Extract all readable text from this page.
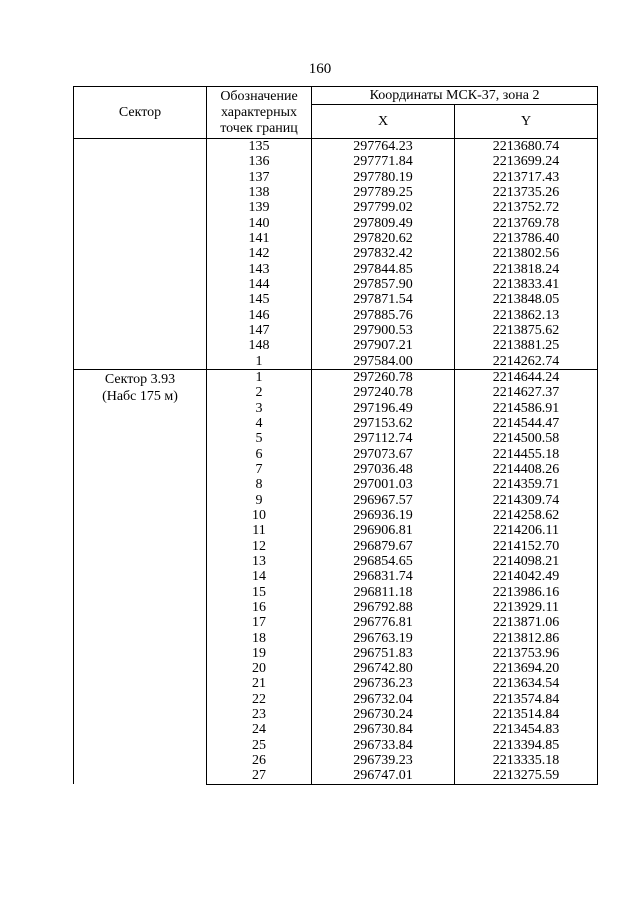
160
Сектор	Обозначение характерных точек границ	Координаты МСК-37, зона 2	
		X	Y

	135	297764.23	2213680.74
	136	297771.84	2213699.24
	137	297780.19	2213717.43
	138	297789.25	2213735.26
	139	297799.02	2213752.72
	140	297809.49	2213769.78
	141	297820.62	2213786.40
	142	297832.42	2213802.56
	143	297844.85	2213818.24
	144	297857.90	2213833.41
	145	297871.54	2213848.05
	146	297885.76	2213862.13
	147	297900.53	2213875.62
	148	297907.21	2213881.25
	1	297584.00	2214262.74

Сектор 3.93
(Набс 175 м)	1	297260.78	2214644.24
	2	297240.78	2214627.37
	3	297196.49	2214586.91
	4	297153.62	2214544.47
	5	297112.74	2214500.58
	6	297073.67	2214455.18
	7	297036.48	2214408.26
	8	297001.03	2214359.71
	9	296967.57	2214309.74
	10	296936.19	2214258.62
	11	296906.81	2214206.11
	12	296879.67	2214152.70
	13	296854.65	2214098.21
	14	296831.74	2214042.49
	15	296811.18	2213986.16
	16	296792.88	2213929.11
	17	296776.81	2213871.06
	18	296763.19	2213812.86
	19	296751.83	2213753.96
	20	296742.80	2213694.20
	21	296736.23	2213634.54
	22	296732.04	2213574.84
	23	296730.24	2213514.84
	24	296730.84	2213454.83
	25	296733.84	2213394.85
	26	296739.23	2213335.18
	27	296747.01	2213275.59
